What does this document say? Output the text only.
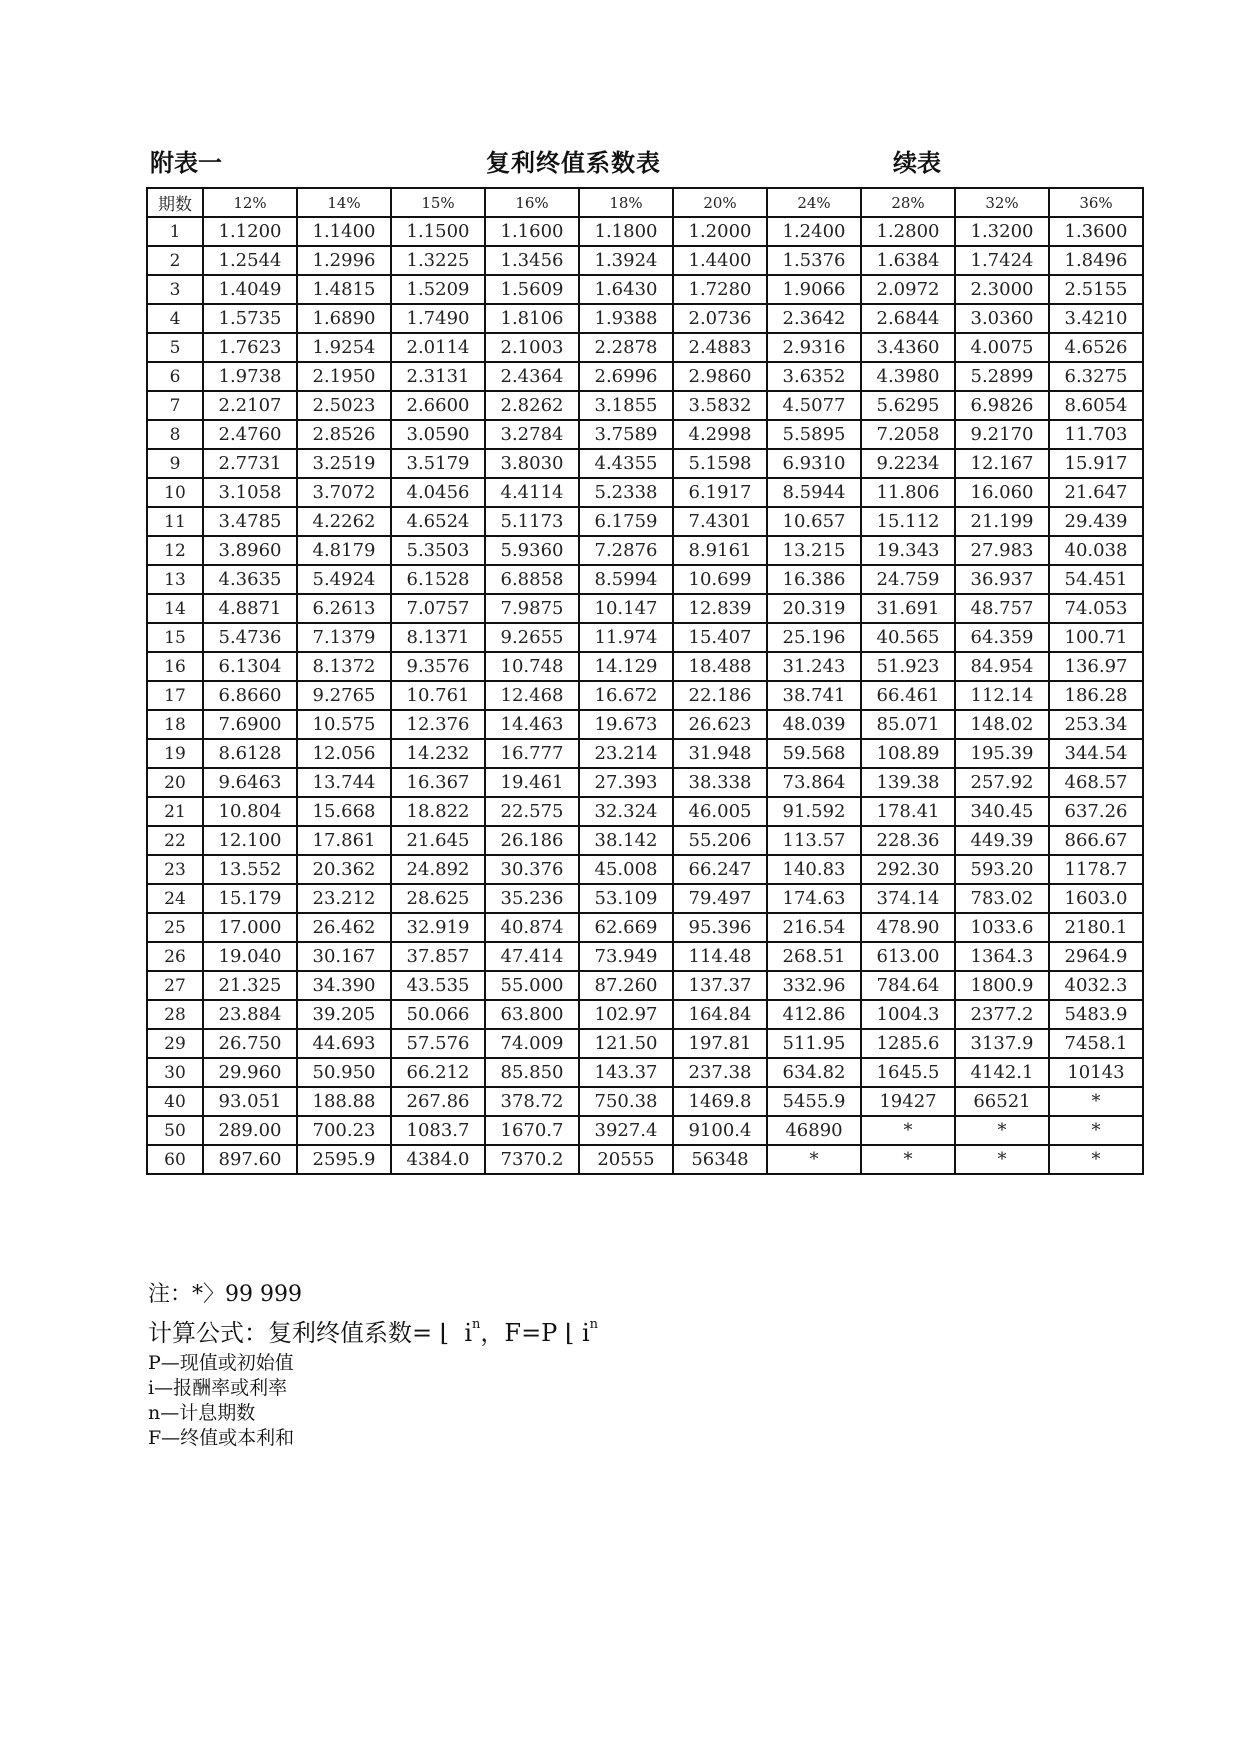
附表一	复利终值系数表	续表
期数	12%	14%	15%	16%	18%	20%	24%	28%	32%	36%
1	1.1200	1.1400	1.1500	1.1600	1.1800	1.2000	1.2400	1.2800	1.3200	1.3600
2	1.2544	1.2996	1.3225	1.3456	1.3924	1.4400	1.5376	1.6384	1.7424	1.8496
3	1.4049	1.4815	1.5209	1.5609	1.6430	1.7280	1.9066	2.0972	2.3000	2.5155
4	1.5735	1.6890	1.7490	1.8106	1.9388	2.0736	2.3642	2.6844	3.0360	3.4210
5	1.7623	1.9254	2.0114	2.1003	2.2878	2.4883	2.9316	3.4360	4.0075	4.6526
6	1.9738	2.1950	2.3131	2.4364	2.6996	2.9860	3.6352	4.3980	5.2899	6.3275
7	2.2107	2.5023	2.6600	2.8262	3.1855	3.5832	4.5077	5.6295	6.9826	8.6054
8	2.4760	2.8526	3.0590	3.2784	3.7589	4.2998	5.5895	7.2058	9.2170	11.703
9	2.7731	3.2519	3.5179	3.8030	4.4355	5.1598	6.9310	9.2234	12.167	15.917
10	3.1058	3.7072	4.0456	4.4114	5.2338	6.1917	8.5944	11.806	16.060	21.647
11	3.4785	4.2262	4.6524	5.1173	6.1759	7.4301	10.657	15.112	21.199	29.439
12	3.8960	4.8179	5.3503	5.9360	7.2876	8.9161	13.215	19.343	27.983	40.038
13	4.3635	5.4924	6.1528	6.8858	8.5994	10.699	16.386	24.759	36.937	54.451
14	4.8871	6.2613	7.0757	7.9875	10.147	12.839	20.319	31.691	48.757	74.053
15	5.4736	7.1379	8.1371	9.2655	11.974	15.407	25.196	40.565	64.359	100.71
16	6.1304	8.1372	9.3576	10.748	14.129	18.488	31.243	51.923	84.954	136.97
17	6.8660	9.2765	10.761	12.468	16.672	22.186	38.741	66.461	112.14	186.28
18	7.6900	10.575	12.376	14.463	19.673	26.623	48.039	85.071	148.02	253.34
19	8.6128	12.056	14.232	16.777	23.214	31.948	59.568	108.89	195.39	344.54
20	9.6463	13.744	16.367	19.461	27.393	38.338	73.864	139.38	257.92	468.57
21	10.804	15.668	18.822	22.575	32.324	46.005	91.592	178.41	340.45	637.26
22	12.100	17.861	21.645	26.186	38.142	55.206	113.57	228.36	449.39	866.67
23	13.552	20.362	24.892	30.376	45.008	66.247	140.83	292.30	593.20	1178.7
24	15.179	23.212	28.625	35.236	53.109	79.497	174.63	374.14	783.02	1603.0
25	17.000	26.462	32.919	40.874	62.669	95.396	216.54	478.90	1033.6	2180.1
26	19.040	30.167	37.857	47.414	73.949	114.48	268.51	613.00	1364.3	2964.9
27	21.325	34.390	43.535	55.000	87.260	137.37	332.96	784.64	1800.9	4032.3
28	23.884	39.205	50.066	63.800	102.97	164.84	412.86	1004.3	2377.2	5483.9
29	26.750	44.693	57.576	74.009	121.50	197.81	511.95	1285.6	3137.9	7458.1
30	29.960	50.950	66.212	85.850	143.37	237.38	634.82	1645.5	4142.1	10143
40	93.051	188.88	267.86	378.72	750.38	1469.8	5455.9	19427	66521	*
50	289.00	700.23	1083.7	1670.7	3927.4	9100.4	46890	*	*	*
60	897.60	2595.9	4384.0	7370.2	20555	56348	*	*	*	*
注：*〉99 999
计算公式：复利终值系数= ⌊ ⁠ $i^n$，F=P ⌊ $i^n$
P—现值或初始值
i—报酬率或利率
n—计息期数
F—终值或本利和
